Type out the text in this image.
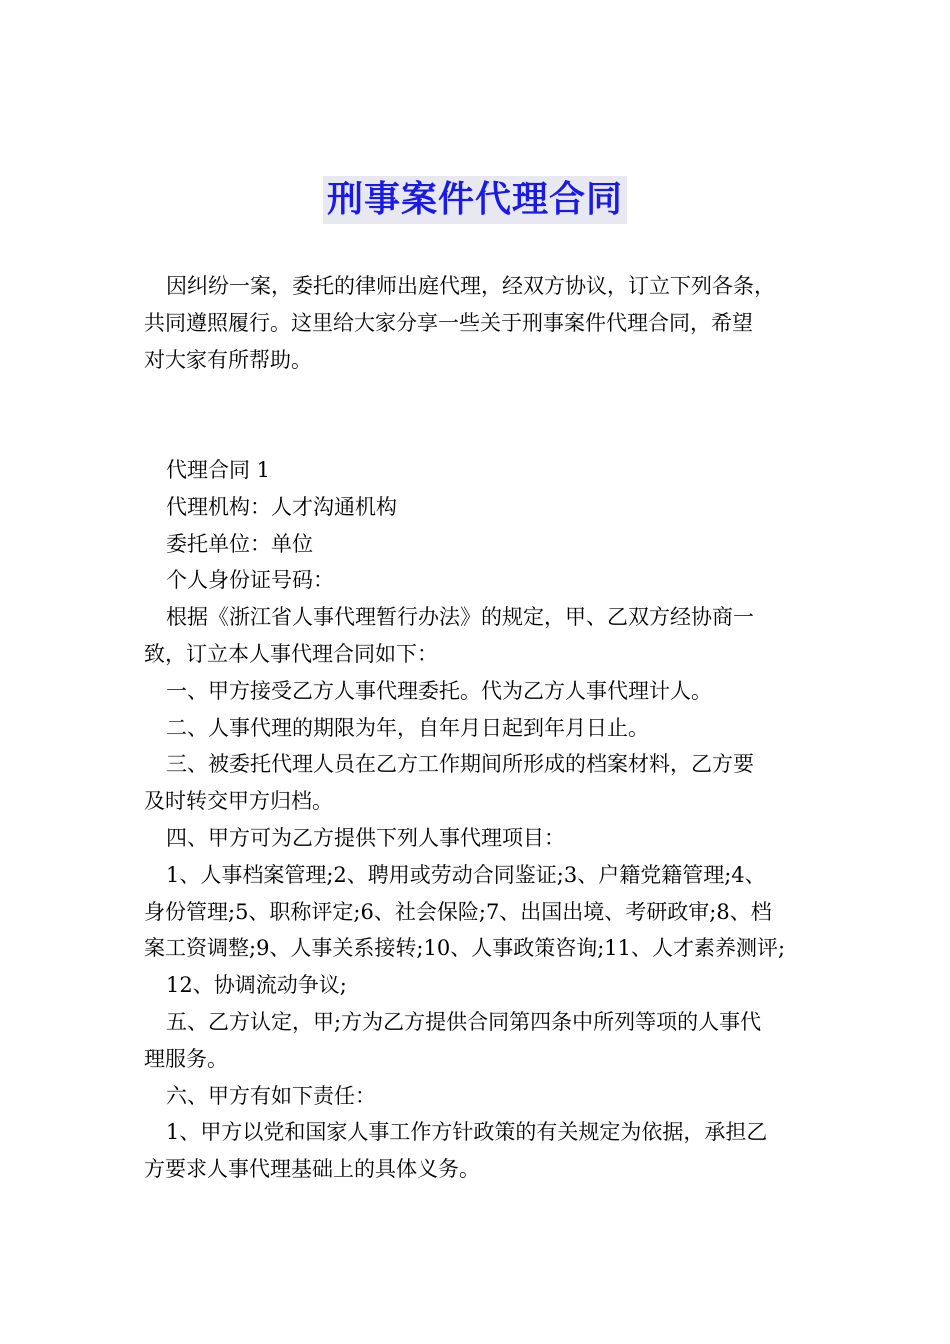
刑事案件代理合同
因纠纷一案，委托的律师出庭代理，经双方协议，订立下列各条，
共同遵照履行。这里给大家分享一些关于刑事案件代理合同，希望
对大家有所帮助。
代理合同 1
代理机构：人才沟通机构
委托单位：单位
个人身份证号码：
根据《浙江省人事代理暂行办法》的规定，甲、乙双方经协商一
致，订立本人事代理合同如下：
一、甲方接受乙方人事代理委托。代为乙方人事代理计人。
二、人事代理的期限为年，自年月日起到年月日止。
三、被委托代理人员在乙方工作期间所形成的档案材料，乙方要
及时转交甲方归档。
四、甲方可为乙方提供下列人事代理项目：
1、人事档案管理;2、聘用或劳动合同鉴证;3、户籍党籍管理;4、
身份管理;5、职称评定;6、社会保险;7、出国出境、考研政审;8、档
案工资调整;9、人事关系接转;10、人事政策咨询;11、人才素养测评;
12、协调流动争议;
五、乙方认定，甲;方为乙方提供合同第四条中所列等项的人事代
理服务。
六、甲方有如下责任：
1、甲方以党和国家人事工作方针政策的有关规定为依据，承担乙
方要求人事代理基础上的具体义务。
